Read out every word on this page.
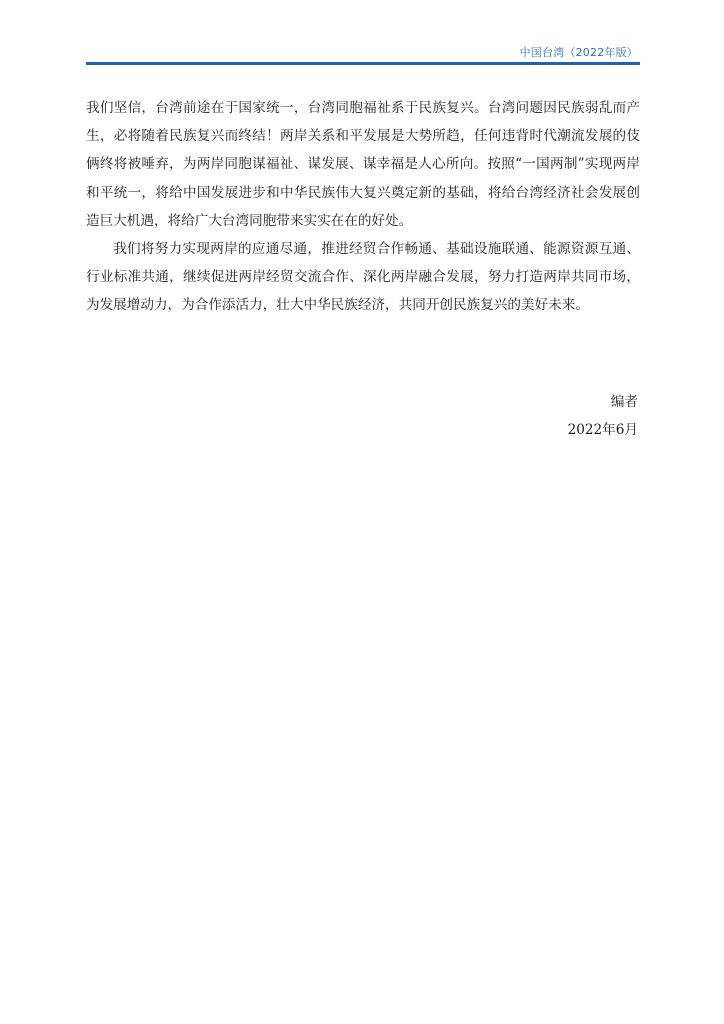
中国台湾（2022年版）

我们坚信，台湾前途在于国家统一，台湾同胞福祉系于民族复兴。台湾问题因民族弱乱而产生，必将随着民族复兴而终结！两岸关系和平发展是大势所趋，任何违背时代潮流发展的伎俩终将被唾弃，为两岸同胞谋福祉、谋发展、谋幸福是人心所向。按照“一国两制”实现两岸和平统一，将给中国发展进步和中华民族伟大复兴奠定新的基础，将给台湾经济社会发展创造巨大机遇，将给广大台湾同胞带来实实在在的好处。

我们将努力实现两岸的应通尽通，推进经贸合作畅通、基础设施联通、能源资源互通、行业标准共通，继续促进两岸经贸交流合作、深化两岸融合发展，努力打造两岸共同市场，为发展增动力，为合作添活力，壮大中华民族经济，共同开创民族复兴的美好未来。

编者
2022年6月
